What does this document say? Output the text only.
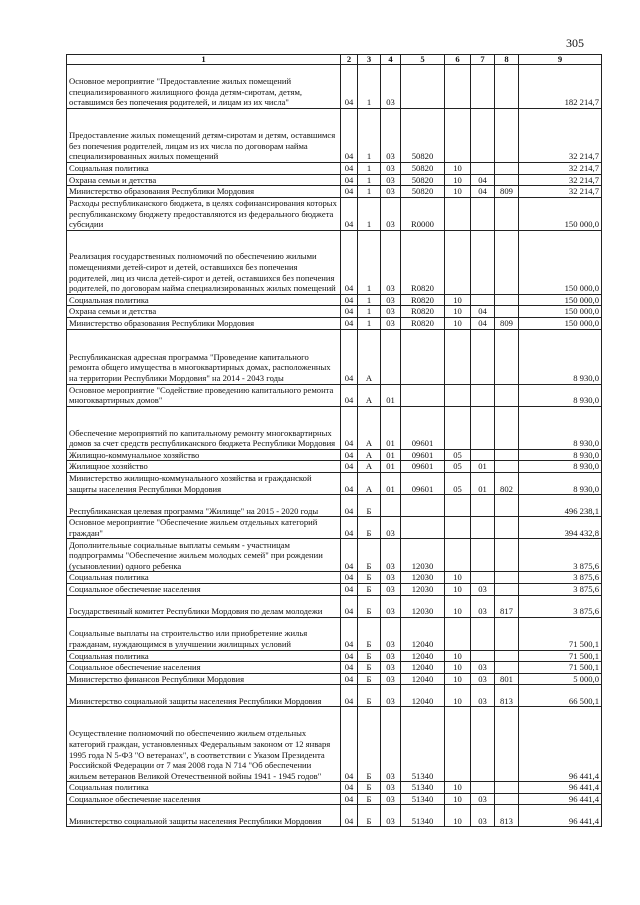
305
1	2	3	4	5	6	7	8	9
Основное мероприятие "Предоставление жилых помещений специализированного жилищного фонда детям-сиротам, детям, оставшимся без попечения родителей, и лицам из их числа"	04	1	03					182 214,7
Предоставление жилых помещений детям-сиротам и детям, оставшимся без попечения родителей, лицам из их числа по договорам найма специализированных жилых помещений	04	1	03	50820				32 214,7
Социальная политика	04	1	03	50820	10			32 214,7
Охрана семьи и детства	04	1	03	50820	10	04		32 214,7
Министерство образования Республики Мордовия	04	1	03	50820	10	04	809	32 214,7
Расходы республиканского бюджета, в целях софинансирования которых республиканскому бюджету предоставляются из федерального бюджета субсидии	04	1	03	R0000				150 000,0
Реализация государственных полномочий по обеспечению жилыми помещениями детей-сирот и детей, оставшихся без попечения родителей, лиц из числа детей-сирот и детей, оставшихся без попечения родителей, по договорам найма специализированных жилых помещений	04	1	03	R0820				150 000,0
Социальная политика	04	1	03	R0820	10			150 000,0
Охрана семьи и детства	04	1	03	R0820	10	04		150 000,0
Министерство образования Республики Мордовия	04	1	03	R0820	10	04	809	150 000,0
Республиканская адресная программа "Проведение капитального ремонта общего имущества в многоквартирных домах, расположенных на территории Республики Мордовия" на 2014 - 2043 годы	04	А						8 930,0
Основное мероприятие "Содействие проведению капитального ремонта многоквартирных домов"	04	А	01					8 930,0
Обеспечение мероприятий по капитальному ремонту многоквартирных домов за счет средств республиканского бюджета Республики Мордовия	04	А	01	09601				8 930,0
Жилищно-коммунальное хозяйство	04	А	01	09601	05			8 930,0
Жилищное хозяйство	04	А	01	09601	05	01		8 930,0
Министерство жилищно-коммунального хозяйства и гражданской защиты населения Республики Мордовия	04	А	01	09601	05	01	802	8 930,0
Республиканская целевая программа "Жилище" на 2015 - 2020 годы	04	Б						496 238,1
Основное мероприятие "Обеспечение жильем отдельных категорий граждан"	04	Б	03					394 432,8
Дополнительные социальные выплаты семьям - участницам подпрограммы "Обеспечение жильем молодых семей" при рождении (усыновлении) одного ребенка	04	Б	03	12030				3 875,6
Социальная политика	04	Б	03	12030	10			3 875,6
Социальное обеспечение населения	04	Б	03	12030	10	03		3 875,6
Государственный комитет Республики Мордовия по делам молодежи	04	Б	03	12030	10	03	817	3 875,6
Социальные выплаты на строительство или приобретение жилья гражданам, нуждающимся в улучшении жилищных условий	04	Б	03	12040				71 500,1
Социальная политика	04	Б	03	12040	10			71 500,1
Социальное обеспечение населения	04	Б	03	12040	10	03		71 500,1
Министерство финансов Республики Мордовия	04	Б	03	12040	10	03	801	5 000,0
Министерство социальной защиты населения Республики Мордовия	04	Б	03	12040	10	03	813	66 500,1
Осуществление полномочий по обеспечению жильем отдельных категорий граждан, установленных Федеральным законом от 12 января 1995 года N 5-ФЗ "О ветеранах", в соответствии с Указом Президента Российской Федерации от 7 мая 2008 года N 714 "Об обеспечении жильем ветеранов Великой Отечественной войны 1941 - 1945 годов"	04	Б	03	51340				96 441,4
Социальная политика	04	Б	03	51340	10			96 441,4
Социальное обеспечение населения	04	Б	03	51340	10	03		96 441,4
Министерство социальной защиты населения Республики Мордовия	04	Б	03	51340	10	03	813	96 441,4
